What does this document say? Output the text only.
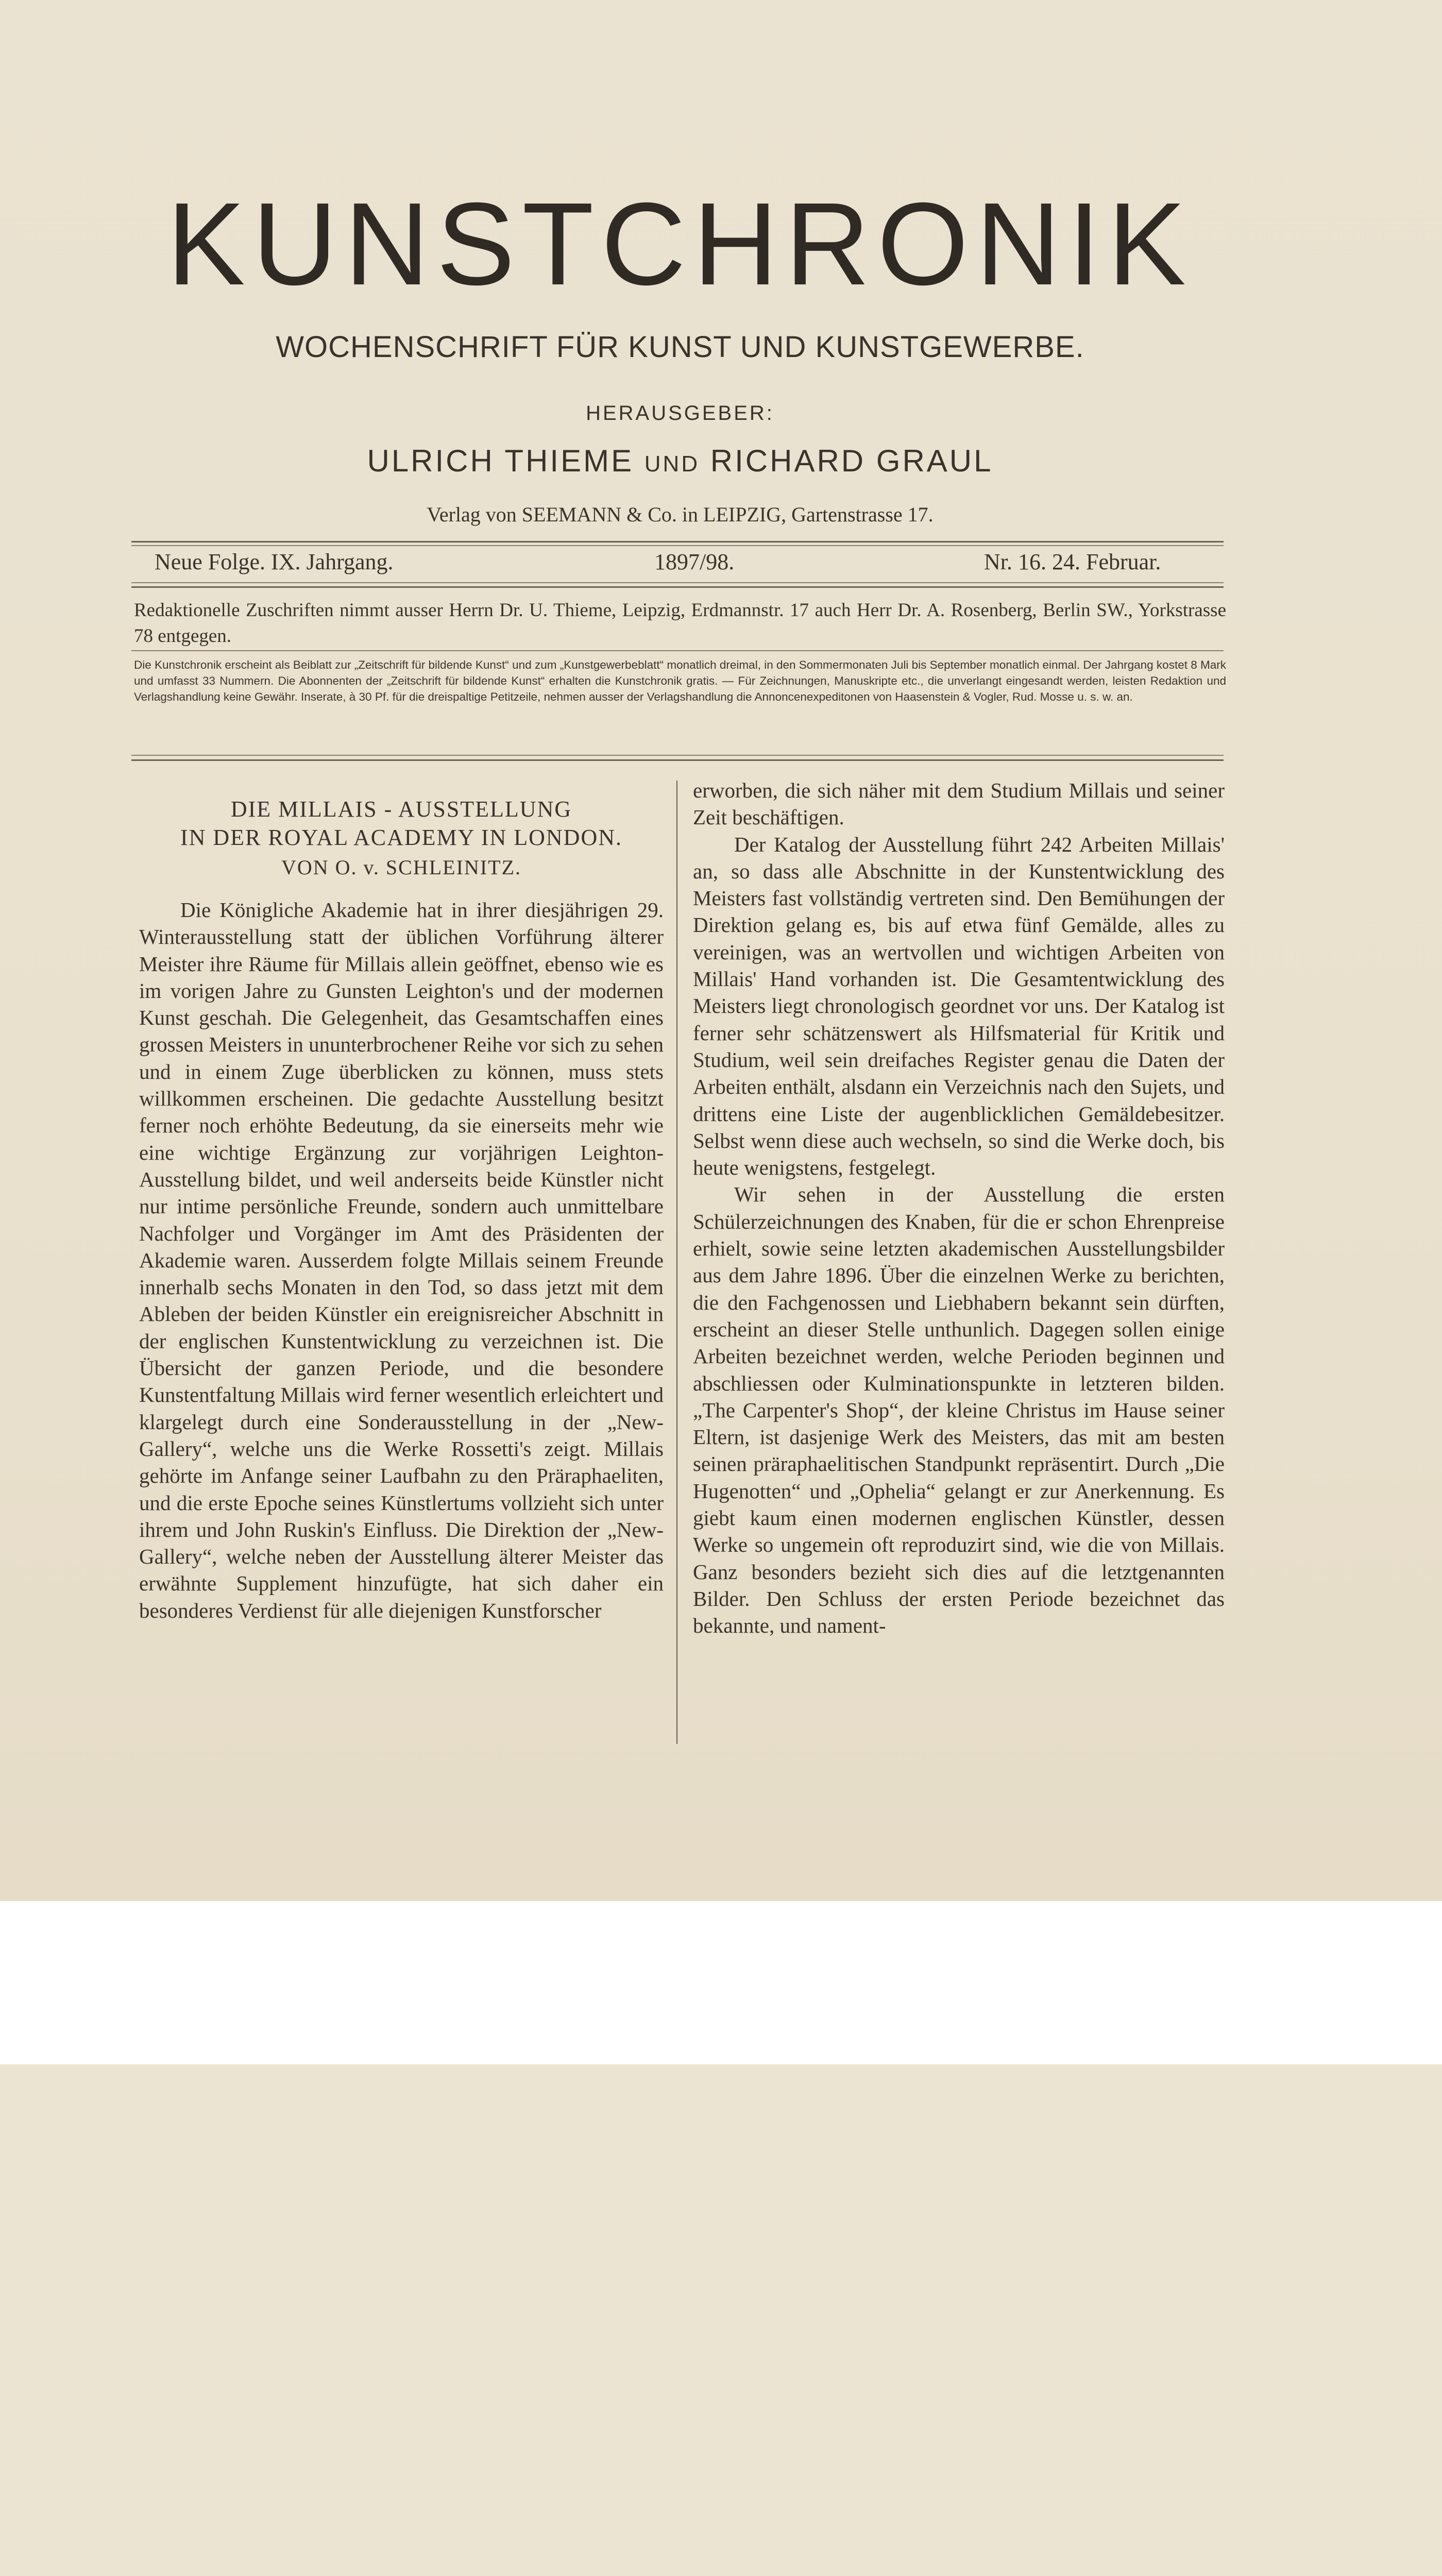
KUNSTCHRONIK
WOCHENSCHRIFT FÜR KUNST UND KUNSTGEWERBE.
HERAUSGEBER:
ULRICH THIEME UND RICHARD GRAUL
Verlag von SEEMANN & Co. in LEIPZIG, Gartenstrasse 17.
Neue Folge. IX. Jahrgang.	1897/98.	Nr. 16. 24. Februar.
Redaktionelle Zuschriften nimmt ausser Herrn Dr. U. Thieme, Leipzig, Erdmannstr. 17 auch Herr Dr. A. Rosenberg, Berlin SW., Yorkstrasse 78 entgegen.
Die Kunstchronik erscheint als Beiblatt zur „Zeitschrift für bildende Kunst“ und zum „Kunstgewerbeblatt“ monatlich dreimal, in den Sommermonaten Juli bis September monatlich einmal. Der Jahrgang kostet 8 Mark und umfasst 33 Nummern. Die Abonnenten der „Zeitschrift für bildende Kunst“ erhalten die Kunstchronik gratis. — Für Zeichnungen, Manuskripte etc., die unverlangt eingesandt werden, leisten Redaktion und Verlagshandlung keine Gewähr. Inserate, à 30 Pf. für die dreispaltige Petitzeile, nehmen ausser der Verlagshandlung die Annoncenexpeditonen von Haasenstein & Vogler, Rud. Mosse u. s. w. an.
DIE MILLAIS - AUSSTELLUNG
IN DER ROYAL ACADEMY IN LONDON.
VON O. v. SCHLEINITZ.

Die Königliche Akademie hat in ihrer diesjährigen 29. Winterausstellung statt der üblichen Vorführung älterer Meister ihre Räume für Millais allein geöffnet, ebenso wie es im vorigen Jahre zu Gunsten Leighton's und der modernen Kunst geschah. Die Gelegenheit, das Gesamtschaffen eines grossen Meisters in ununterbrochener Reihe vor sich zu sehen und in einem Zuge überblicken zu können, muss stets willkommen erscheinen. Die gedachte Ausstellung besitzt ferner noch erhöhte Bedeutung, da sie einerseits mehr wie eine wichtige Ergänzung zur vorjährigen Leighton-Ausstellung bildet, und weil anderseits beide Künstler nicht nur intime persönliche Freunde, sondern auch unmittelbare Nachfolger und Vorgänger im Amt des Präsidenten der Akademie waren. Ausserdem folgte Millais seinem Freunde innerhalb sechs Monaten in den Tod, so dass jetzt mit dem Ableben der beiden Künstler ein ereignisreicher Abschnitt in der englischen Kunstentwicklung zu verzeichnen ist. Die Übersicht der ganzen Periode, und die besondere Kunstentfaltung Millais wird ferner wesentlich erleichtert und klargelegt durch eine Sonderausstellung in der „New-Gallery“, welche uns die Werke Rossetti's zeigt. Millais gehörte im Anfange seiner Laufbahn zu den Präraphaeliten, und die erste Epoche seines Künstlertums vollzieht sich unter ihrem und John Ruskin's Einfluss. Die Direktion der „New-Gallery“, welche neben der Ausstellung älterer Meister das erwähnte Supplement hinzufügte, hat sich daher ein besonderes Verdienst für alle diejenigen Kunstforscher

erworben, die sich näher mit dem Studium Millais und seiner Zeit beschäftigen.

Der Katalog der Ausstellung führt 242 Arbeiten Millais' an, so dass alle Abschnitte in der Kunstentwicklung des Meisters fast vollständig vertreten sind. Den Bemühungen der Direktion gelang es, bis auf etwa fünf Gemälde, alles zu vereinigen, was an wertvollen und wichtigen Arbeiten von Millais' Hand vorhanden ist. Die Gesamtentwicklung des Meisters liegt chronologisch geordnet vor uns. Der Katalog ist ferner sehr schätzenswert als Hilfsmaterial für Kritik und Studium, weil sein dreifaches Register genau die Daten der Arbeiten enthält, alsdann ein Verzeichnis nach den Sujets, und drittens eine Liste der augenblicklichen Gemäldebesitzer. Selbst wenn diese auch wechseln, so sind die Werke doch, bis heute wenigstens, festgelegt.

Wir sehen in der Ausstellung die ersten Schülerzeichnungen des Knaben, für die er schon Ehrenpreise erhielt, sowie seine letzten akademischen Ausstellungsbilder aus dem Jahre 1896. Über die einzelnen Werke zu berichten, die den Fachgenossen und Liebhabern bekannt sein dürften, erscheint an dieser Stelle unthunlich. Dagegen sollen einige Arbeiten bezeichnet werden, welche Perioden beginnen und abschliessen oder Kulminationspunkte in letzteren bilden. „The Carpenter's Shop“, der kleine Christus im Hause seiner Eltern, ist dasjenige Werk des Meisters, das mit am besten seinen präraphaelitischen Standpunkt repräsentirt. Durch „Die Hugenotten“ und „Ophelia“ gelangt er zur Anerkennung. Es giebt kaum einen modernen englischen Künstler, dessen Werke so ungemein oft reproduzirt sind, wie die von Millais. Ganz besonders bezieht sich dies auf die letztgenannten Bilder. Den Schluss der ersten Periode bezeichnet das bekannte, und nament-
